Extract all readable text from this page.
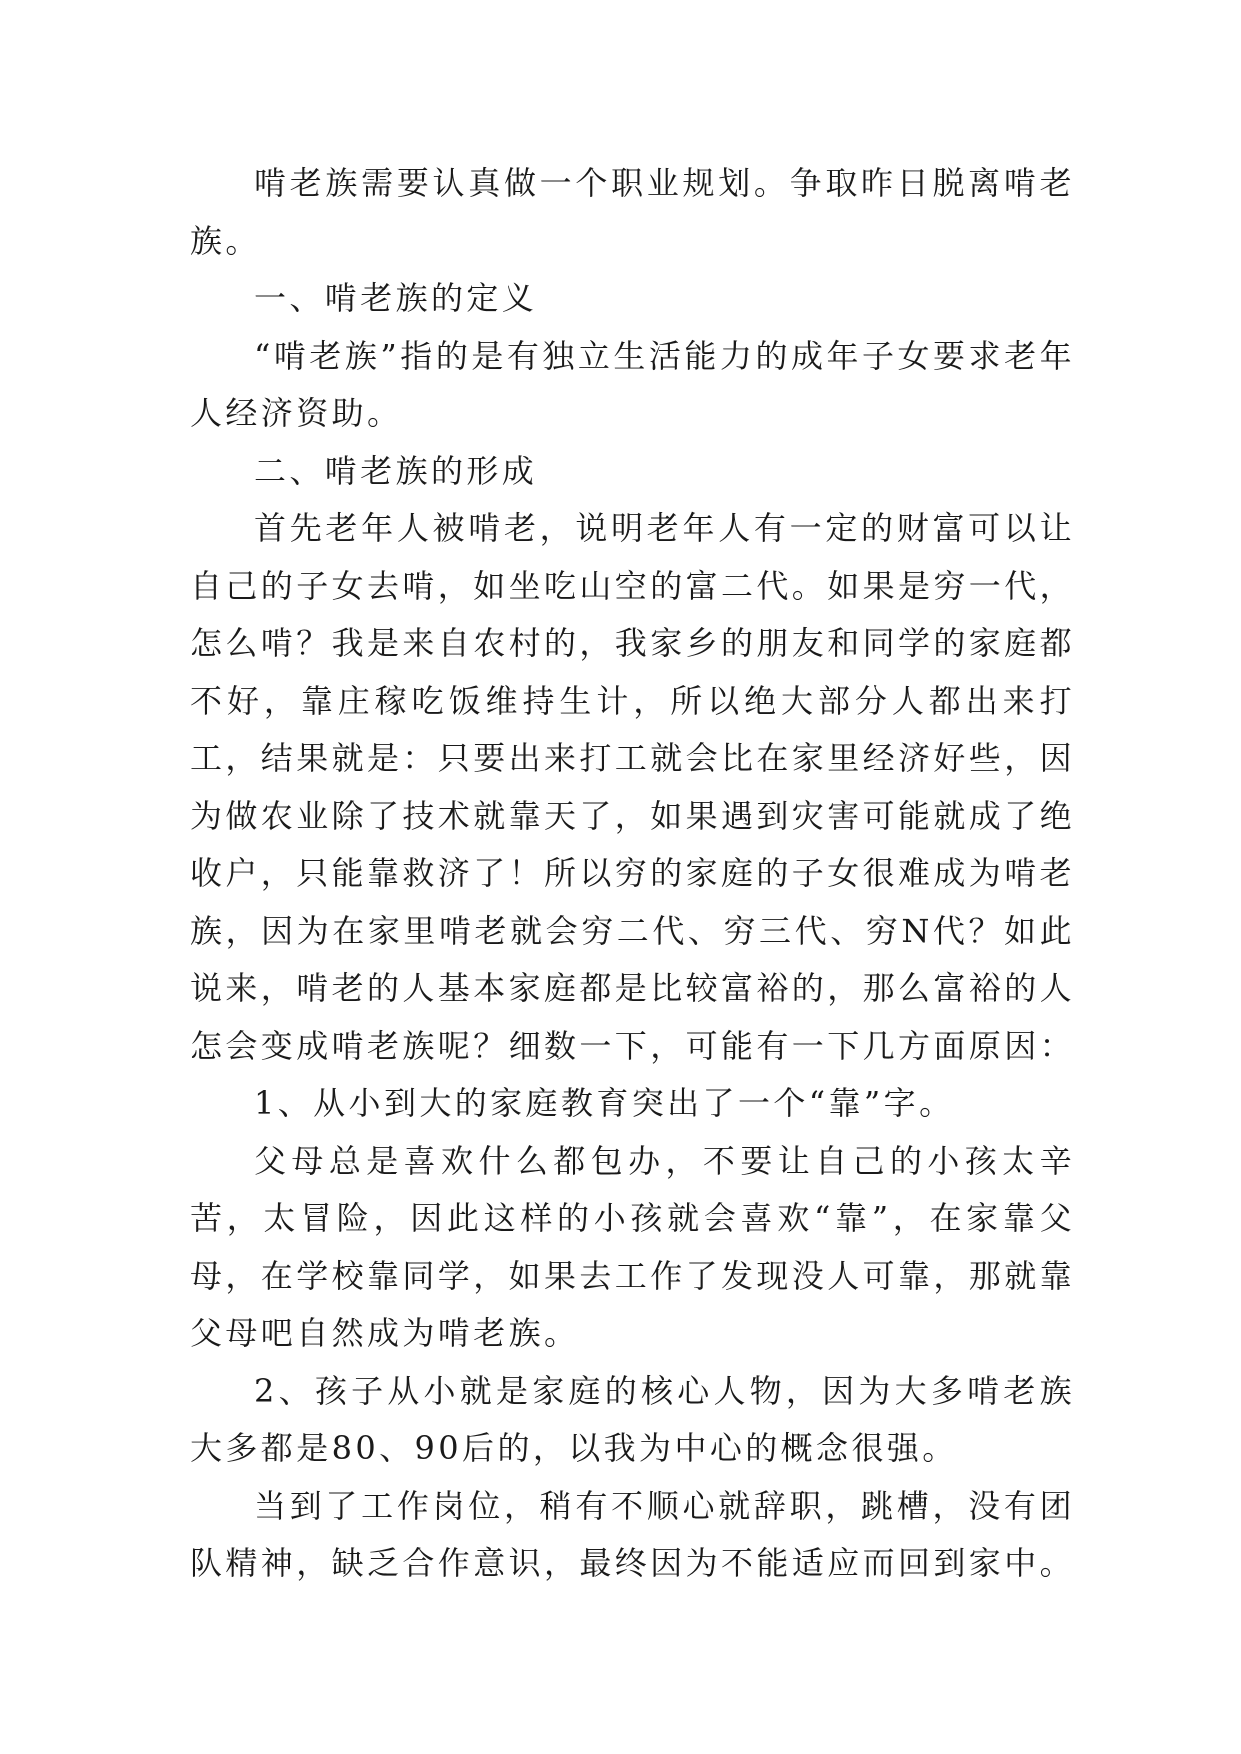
啃老族需要认真做一个职业规划。争取昨日脱离啃老族。

一、啃老族的定义

“啃老族”指的是有独立生活能力的成年子女要求老年人经济资助。

二、啃老族的形成

首先老年人被啃老，说明老年人有一定的财富可以让自己的子女去啃，如坐吃山空的富二代。如果是穷一代，怎么啃？我是来自农村的，我家乡的朋友和同学的家庭都不好，靠庄稼吃饭维持生计，所以绝大部分人都出来打工，结果就是：只要出来打工就会比在家里经济好些，因为做农业除了技术就靠天了，如果遇到灾害可能就成了绝收户，只能靠救济了！所以穷的家庭的子女很难成为啃老族，因为在家里啃老就会穷二代、穷三代、穷N代？如此说来，啃老的人基本家庭都是比较富裕的，那么富裕的人怎会变成啃老族呢？细数一下，可能有一下几方面原因：

1、从小到大的家庭教育突出了一个“靠”字。

父母总是喜欢什么都包办，不要让自己的小孩太辛苦，太冒险，因此这样的小孩就会喜欢“靠”，在家靠父母，在学校靠同学，如果去工作了发现没人可靠，那就靠父母吧自然成为啃老族。

2、孩子从小就是家庭的核心人物，因为大多啃老族大多都是80、90后的，以我为中心的概念很强。

当到了工作岗位，稍有不顺心就辞职，跳槽，没有团队精神，缺乏合作意识，最终因为不能适应而回到家中。
